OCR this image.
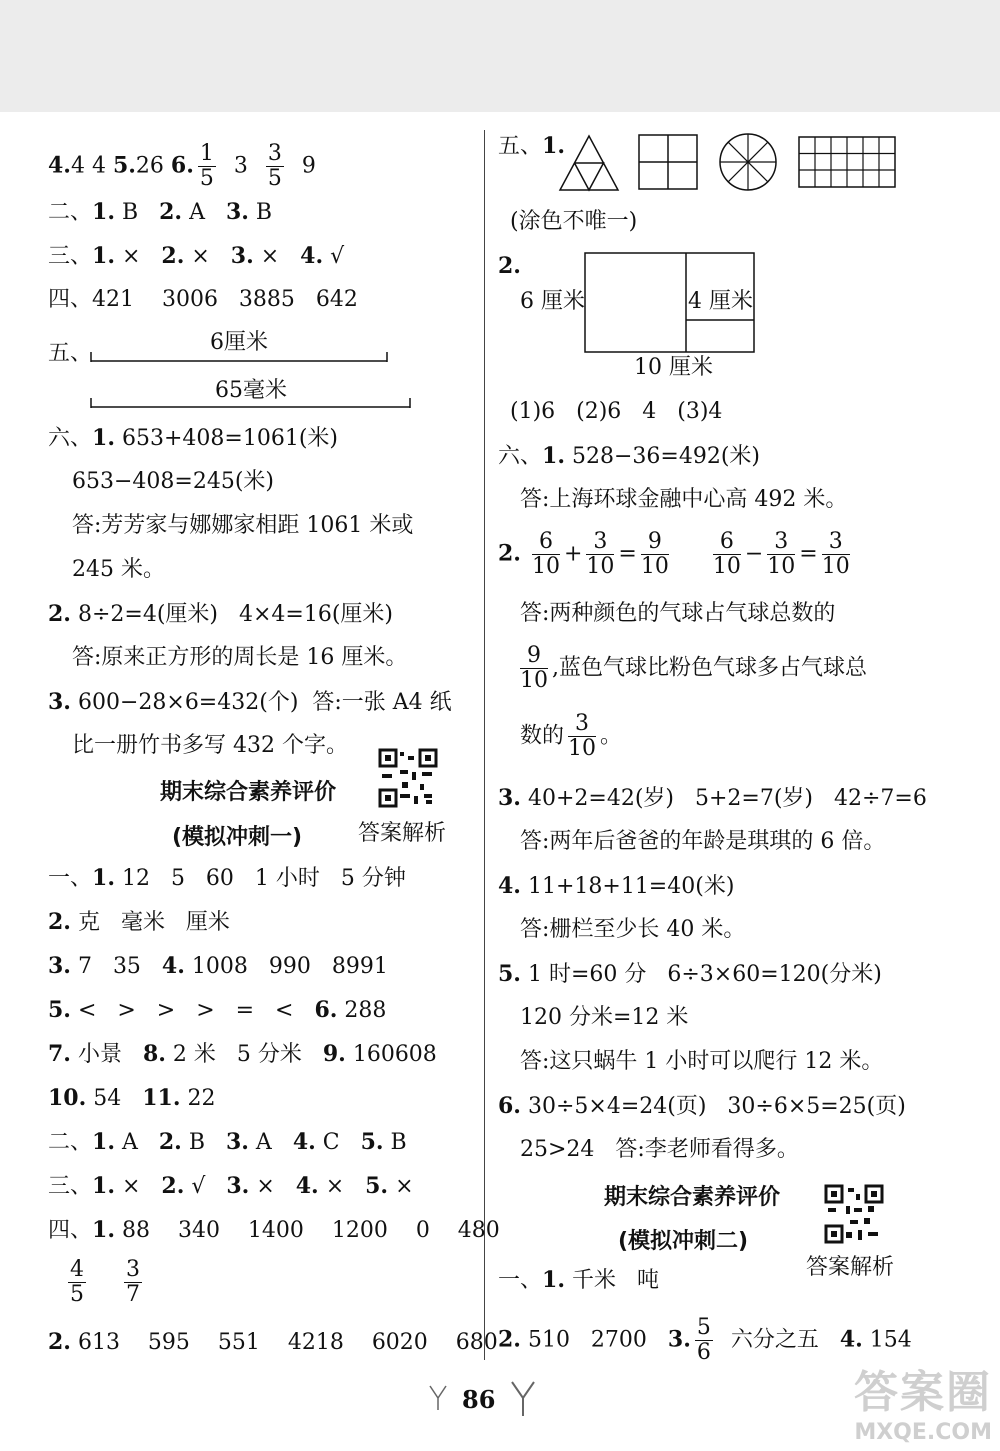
4.4 4 5.26 6. $\frac{1}{5} 3 \frac{3}{5} 9$
二、1. B   2. A   3. B
三、1. ×   2. ×   3. ×   4. √
四、421    3006   3885   642
五、	6厘米
65毫米
六、1. 653+408=1061(米)
653−408=245(米)
答:芳芳家与娜娜家相距 1061 米或
245 米。
2. 8÷2=4(厘米)   4×4=16(厘米)
答:原来正方形的周长是 16 厘米。
3. 600−28×6=432(个)  答:一张 A4 纸
比一册竹书多写 432 个字。
期末综合素养评价
(模拟冲刺一)	答案解析
一、1. 12   5   60   1 小时   5 分钟
2. 克   毫米   厘米
3. 7   35   4. 1008   990   8991
5. <   >   >   >   =   <   6. 288
7. 小景   8. 2 米   5 分米   9. 160608
10. 54   11. 22
二、1. A   2. B   3. A   4. C   5. B
三、1. ×   2. √   3. ×   4. ×   5. ×
四、1. 88    340    1400    1200    0    480
$\frac{4}{5}$
$\frac{3}{7}$
2. 613    595    551    4218    6020    680
五、1.
(涂色不唯一)
2.
6 厘米	4 厘米
10 厘米
(1)6   (2)6   4   (3)4
六、1. 528−36=492(米)
答:上海环球金融中心高 492 米。
2. $\frac{6}{10} + \frac{3}{10} = \frac{9}{10}$
$\frac{6}{10} - \frac{3}{10} = \frac{3}{10}$
答:两种颜色的气球占气球总数的
$\frac{9}{10}$ ,蓝色气球比粉色气球多占气球总
数的 $\frac{3}{10}$ 。
3. 40+2=42(岁)   5+2=7(岁)   42÷7=6
答:两年后爸爸的年龄是琪琪的 6 倍。
4. 11+18+11=40(米)
答:栅栏至少长 40 米。
5. 1 时=60 分   6÷3×60=120(分米)
120 分米=12 米
答:这只蜗牛 1 小时可以爬行 12 米。
6. 30÷5×4=24(页)   30÷6×5=25(页)
25>24   答:李老师看得多。
期末综合素养评价
(模拟冲刺二)
答案解析
一、1. 千米   吨
2. 510   2700   3. $\frac{5}{6}$ 六分之五   4. 154
86	答案圈
MXQE.COM
